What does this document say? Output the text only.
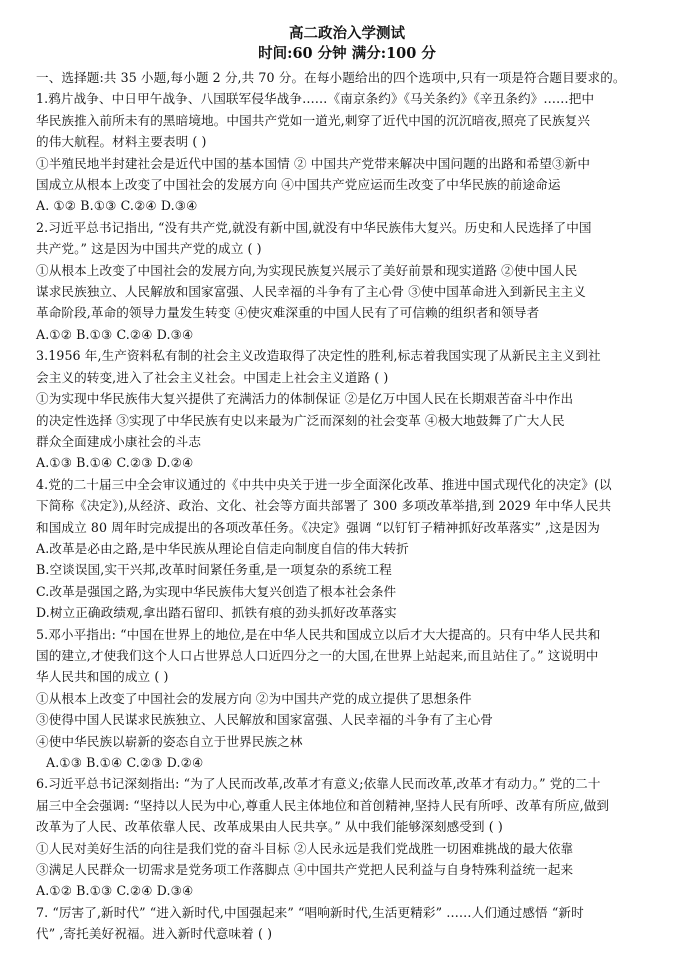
高二政治入学测试
时间:60 分钟 满分:100 分
一、选择题:共 35 小题,每小题 2 分,共 70 分。在每小题给出的四个选项中,只有一项是符合题目要求的。
1.鸦片战争、中日甲午战争、八国联军侵华战争……《南京条约》《马关条约》《辛丑条约》……把中
华民族推入前所未有的黑暗境地。中国共产党如一道光,刺穿了近代中国的沉沉暗夜,照亮了民族复兴
的伟大航程。材料主要表明 ( )
①半殖民地半封建社会是近代中国的基本国情 ② 中国共产党带来解决中国问题的出路和希望③新中
国成立从根本上改变了中国社会的发展方向 ④中国共产党应运而生改变了中华民族的前途命运
A. ①② B.①③ C.②④ D.③④
2.习近平总书记指出, “没有共产党,就没有新中国,就没有中华民族伟大复兴。历史和人民选择了中国
共产党。” 这是因为中国共产党的成立 ( )
①从根本上改变了中国社会的发展方向,为实现民族复兴展示了美好前景和现实道路 ②使中国人民
谋求民族独立、人民解放和国家富强、人民幸福的斗争有了主心骨 ③使中国革命进入到新民主主义
革命阶段,革命的领导力量发生转变 ④使灾难深重的中国人民有了可信赖的组织者和领导者
A.①② B.①③ C.②④ D.③④
3.1956 年,生产资料私有制的社会主义改造取得了决定性的胜利,标志着我国实现了从新民主主义到社
会主义的转变,进入了社会主义社会。中国走上社会主义道路 ( )
①为实现中华民族伟大复兴提供了充满活力的体制保证 ②是亿万中国人民在长期艰苦奋斗中作出
的决定性选择 ③实现了中华民族有史以来最为广泛而深刻的社会变革 ④极大地鼓舞了广大人民
群众全面建成小康社会的斗志
A.①③ B.①④ C.②③ D.②④
4.党的二十届三中全会审议通过的《中共中央关于进一步全面深化改革、推进中国式现代化的决定》(以
下简称《决定》),从经济、政治、文化、社会等方面共部署了 300 多项改革举措,到 2029 年中华人民共
和国成立 80 周年时完成提出的各项改革任务。《决定》强调 “以钉钉子精神抓好改革落实” ,这是因为
A.改革是必由之路,是中华民族从理论自信走向制度自信的伟大转折
B.空谈误国,实干兴邦,改革时间紧任务重,是一项复杂的系统工程
C.改革是强国之路,为实现中华民族伟大复兴创造了根本社会条件
D.树立正确政绩观,拿出踏石留印、抓铁有痕的劲头抓好改革落实
5.邓小平指出: “中国在世界上的地位,是在中华人民共和国成立以后才大大提高的。只有中华人民共和
国的建立,才使我们这个人口占世界总人口近四分之一的大国,在世界上站起来,而且站住了。” 这说明中
华人民共和国的成立 ( )
①从根本上改变了中国社会的发展方向 ②为中国共产党的成立提供了思想条件
③使得中国人民谋求民族独立、人民解放和国家富强、人民幸福的斗争有了主心骨
④使中华民族以崭新的姿态自立于世界民族之林
A.①③ B.①④ C.②③ D.②④
6.习近平总书记深刻指出: “为了人民而改革,改革才有意义;依靠人民而改革,改革才有动力。” 党的二十
届三中全会强调: “坚持以人民为中心,尊重人民主体地位和首创精神,坚持人民有所呼、改革有所应,做到
改革为了人民、改革依靠人民、改革成果由人民共享。” 从中我们能够深刻感受到 ( )
①人民对美好生活的向往是我们党的奋斗目标 ②人民永远是我们党战胜一切困难挑战的最大依靠
③满足人民群众一切需求是党务项工作落脚点 ④中国共产党把人民利益与自身特殊利益统一起来
A.①② B.①③ C.②④ D.③④
7. “厉害了,新时代” “进入新时代,中国强起来” “唱响新时代,生活更精彩” ……人们通过感悟 “新时
代” ,寄托美好祝福。进入新时代意味着 ( )
